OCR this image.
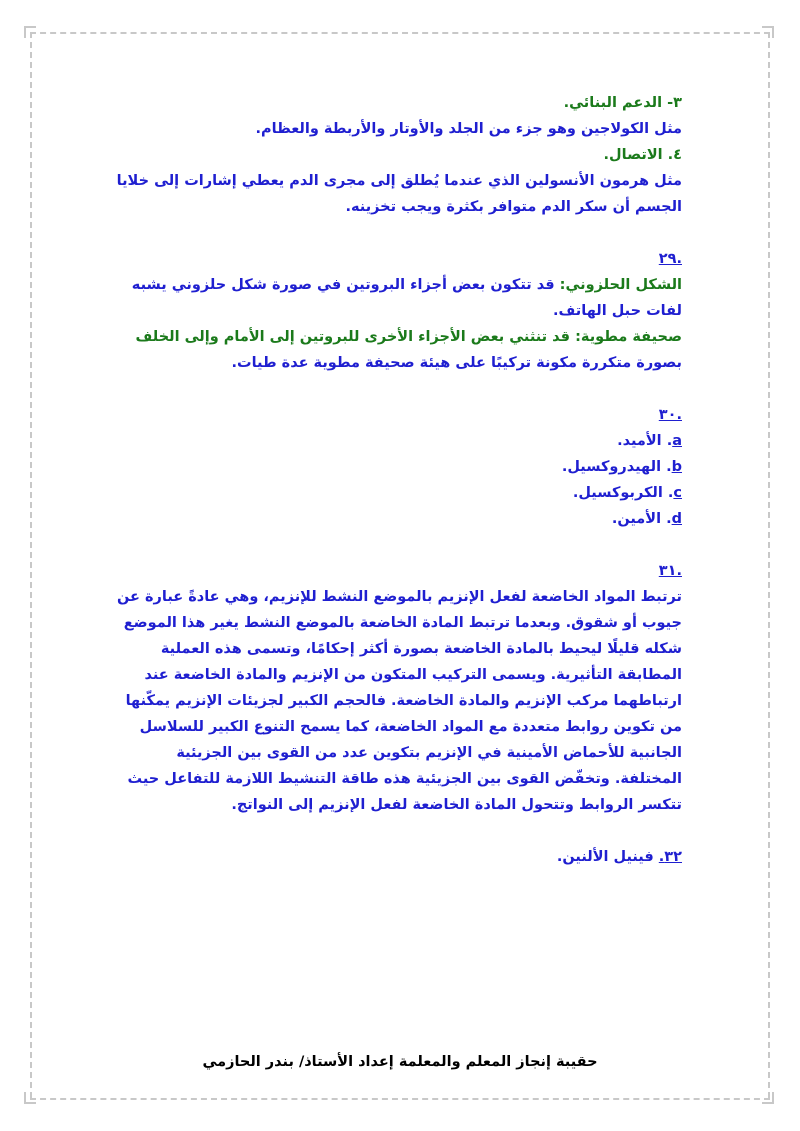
٣- الدعم البنائي.
مثل الكولاجين وهو جزء من الجلد والأوتار والأربطة والعظام.
٤. الاتصال.
مثل هرمون الأنسولين الذي عندما يُطلق إلى مجرى الدم يعطي إشارات إلى خلايا
الجسم أن سكر الدم متوافر بكثرة ويجب تخزينه.
.٢٩
الشكل الحلزوني: قد تتكون بعض أجزاء البروتين في صورة شكل حلزوني يشبه
لفات حبل الهاتف.
صحيفة مطوية: قد تنثني بعض الأجزاء الأخرى للبروتين إلى الأمام وإلى الخلف
بصورة متكررة مكونة تركيبًا على هيئة صحيفة مطوية عدة طيات.
.٣٠
a. الأميد.
b. الهيدروكسيل.
c. الكربوكسيل.
d. الأمين.
.٣١
ترتبط المواد الخاضعة لفعل الإنزيم بالموضع النشط للإنزيم، وهي عادةً عبارة عن
جيوب أو شقوق. وبعدما ترتبط المادة الخاضعة بالموضع النشط يغير هذا الموضع
شكله قليلًا ليحيط بالمادة الخاضعة بصورة أكثر إحكامًا، وتسمى هذه العملية
المطابقة التأثيرية. ويسمى التركيب المتكون من الإنزيم والمادة الخاضعة عند
ارتباطهما مركب الإنزيم والمادة الخاضعة. فالحجم الكبير لجزيئات الإنزيم يمكّنها
من تكوين روابط متعددة مع المواد الخاضعة، كما يسمح التنوع الكبير للسلاسل
الجانبية للأحماض الأمينية في الإنزيم بتكوين عدد من القوى بين الجزيئية
المختلفة. وتخفّض القوى بين الجزيئية هذه طاقة التنشيط اللازمة للتفاعل حيث
تتكسر الروابط وتتحول المادة الخاضعة لفعل الإنزيم إلى النواتج.
٣٢. فينيل الألنين.
حقيبة إنجاز المعلم والمعلمة إعداد الأستاذ/ بندر الحازمي
